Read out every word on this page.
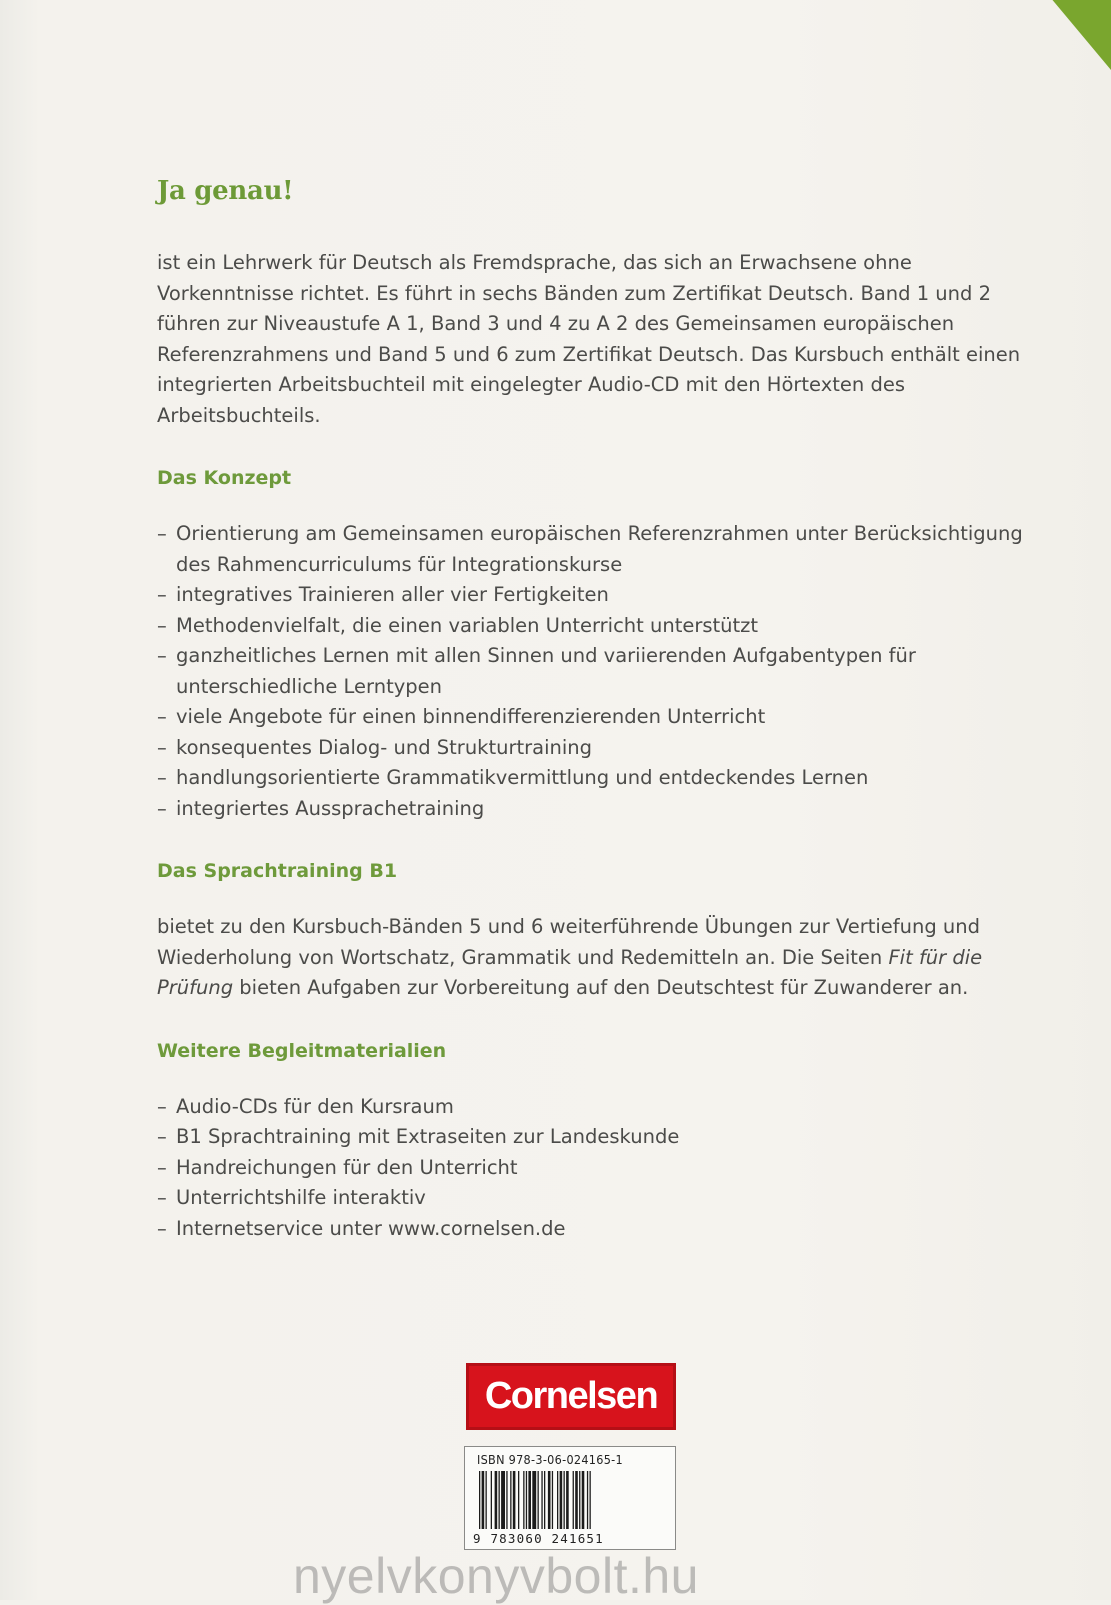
Ja genau!

ist ein Lehrwerk für Deutsch als Fremdsprache, das sich an Erwachsene ohne Vorkenntnisse richtet. Es führt in sechs Bänden zum Zertifikat Deutsch. Band 1 und 2 führen zur Niveaustufe A 1, Band 3 und 4 zu A 2 des Gemeinsamen europäischen Referenzrahmens und Band 5 und 6 zum Zertifikat Deutsch. Das Kursbuch enthält einen integrierten Arbeitsbuchteil mit eingelegter Audio-CD mit den Hörtexten des Arbeitsbuchteils.

Das Konzept
– Orientierung am Gemeinsamen europäischen Referenzrahmen unter Berücksichtigung des Rahmencurriculums für Integrationskurse
– integratives Trainieren aller vier Fertigkeiten
– Methodenvielfalt, die einen variablen Unterricht unterstützt
– ganzheitliches Lernen mit allen Sinnen und variierenden Aufgabentypen für unterschiedliche Lerntypen
– viele Angebote für einen binnendifferenzierenden Unterricht
– konsequentes Dialog- und Strukturtraining
– handlungsorientierte Grammatikvermittlung und entdeckendes Lernen
– integriertes Aussprachetraining
Das Sprachtraining B1

bietet zu den Kursbuch-Bänden 5 und 6 weiterführende Übungen zur Vertiefung und Wiederholung von Wortschatz, Grammatik und Redemitteln an. Die Seiten Fit für die Prüfung bieten Aufgaben zur Vorbereitung auf den Deutschtest für Zuwanderer an.

Weitere Begleitmaterialien
– Audio-CDs für den Kursraum
– B1 Sprachtraining mit Extraseiten zur Landeskunde
– Handreichungen für den Unterricht
– Unterrichtshilfe interaktiv
– Internetservice unter www.cornelsen.de
Cornelsen
ISBN 978-3-06-024165-1
9 783060 241651
nyelvkonyvbolt.hu
